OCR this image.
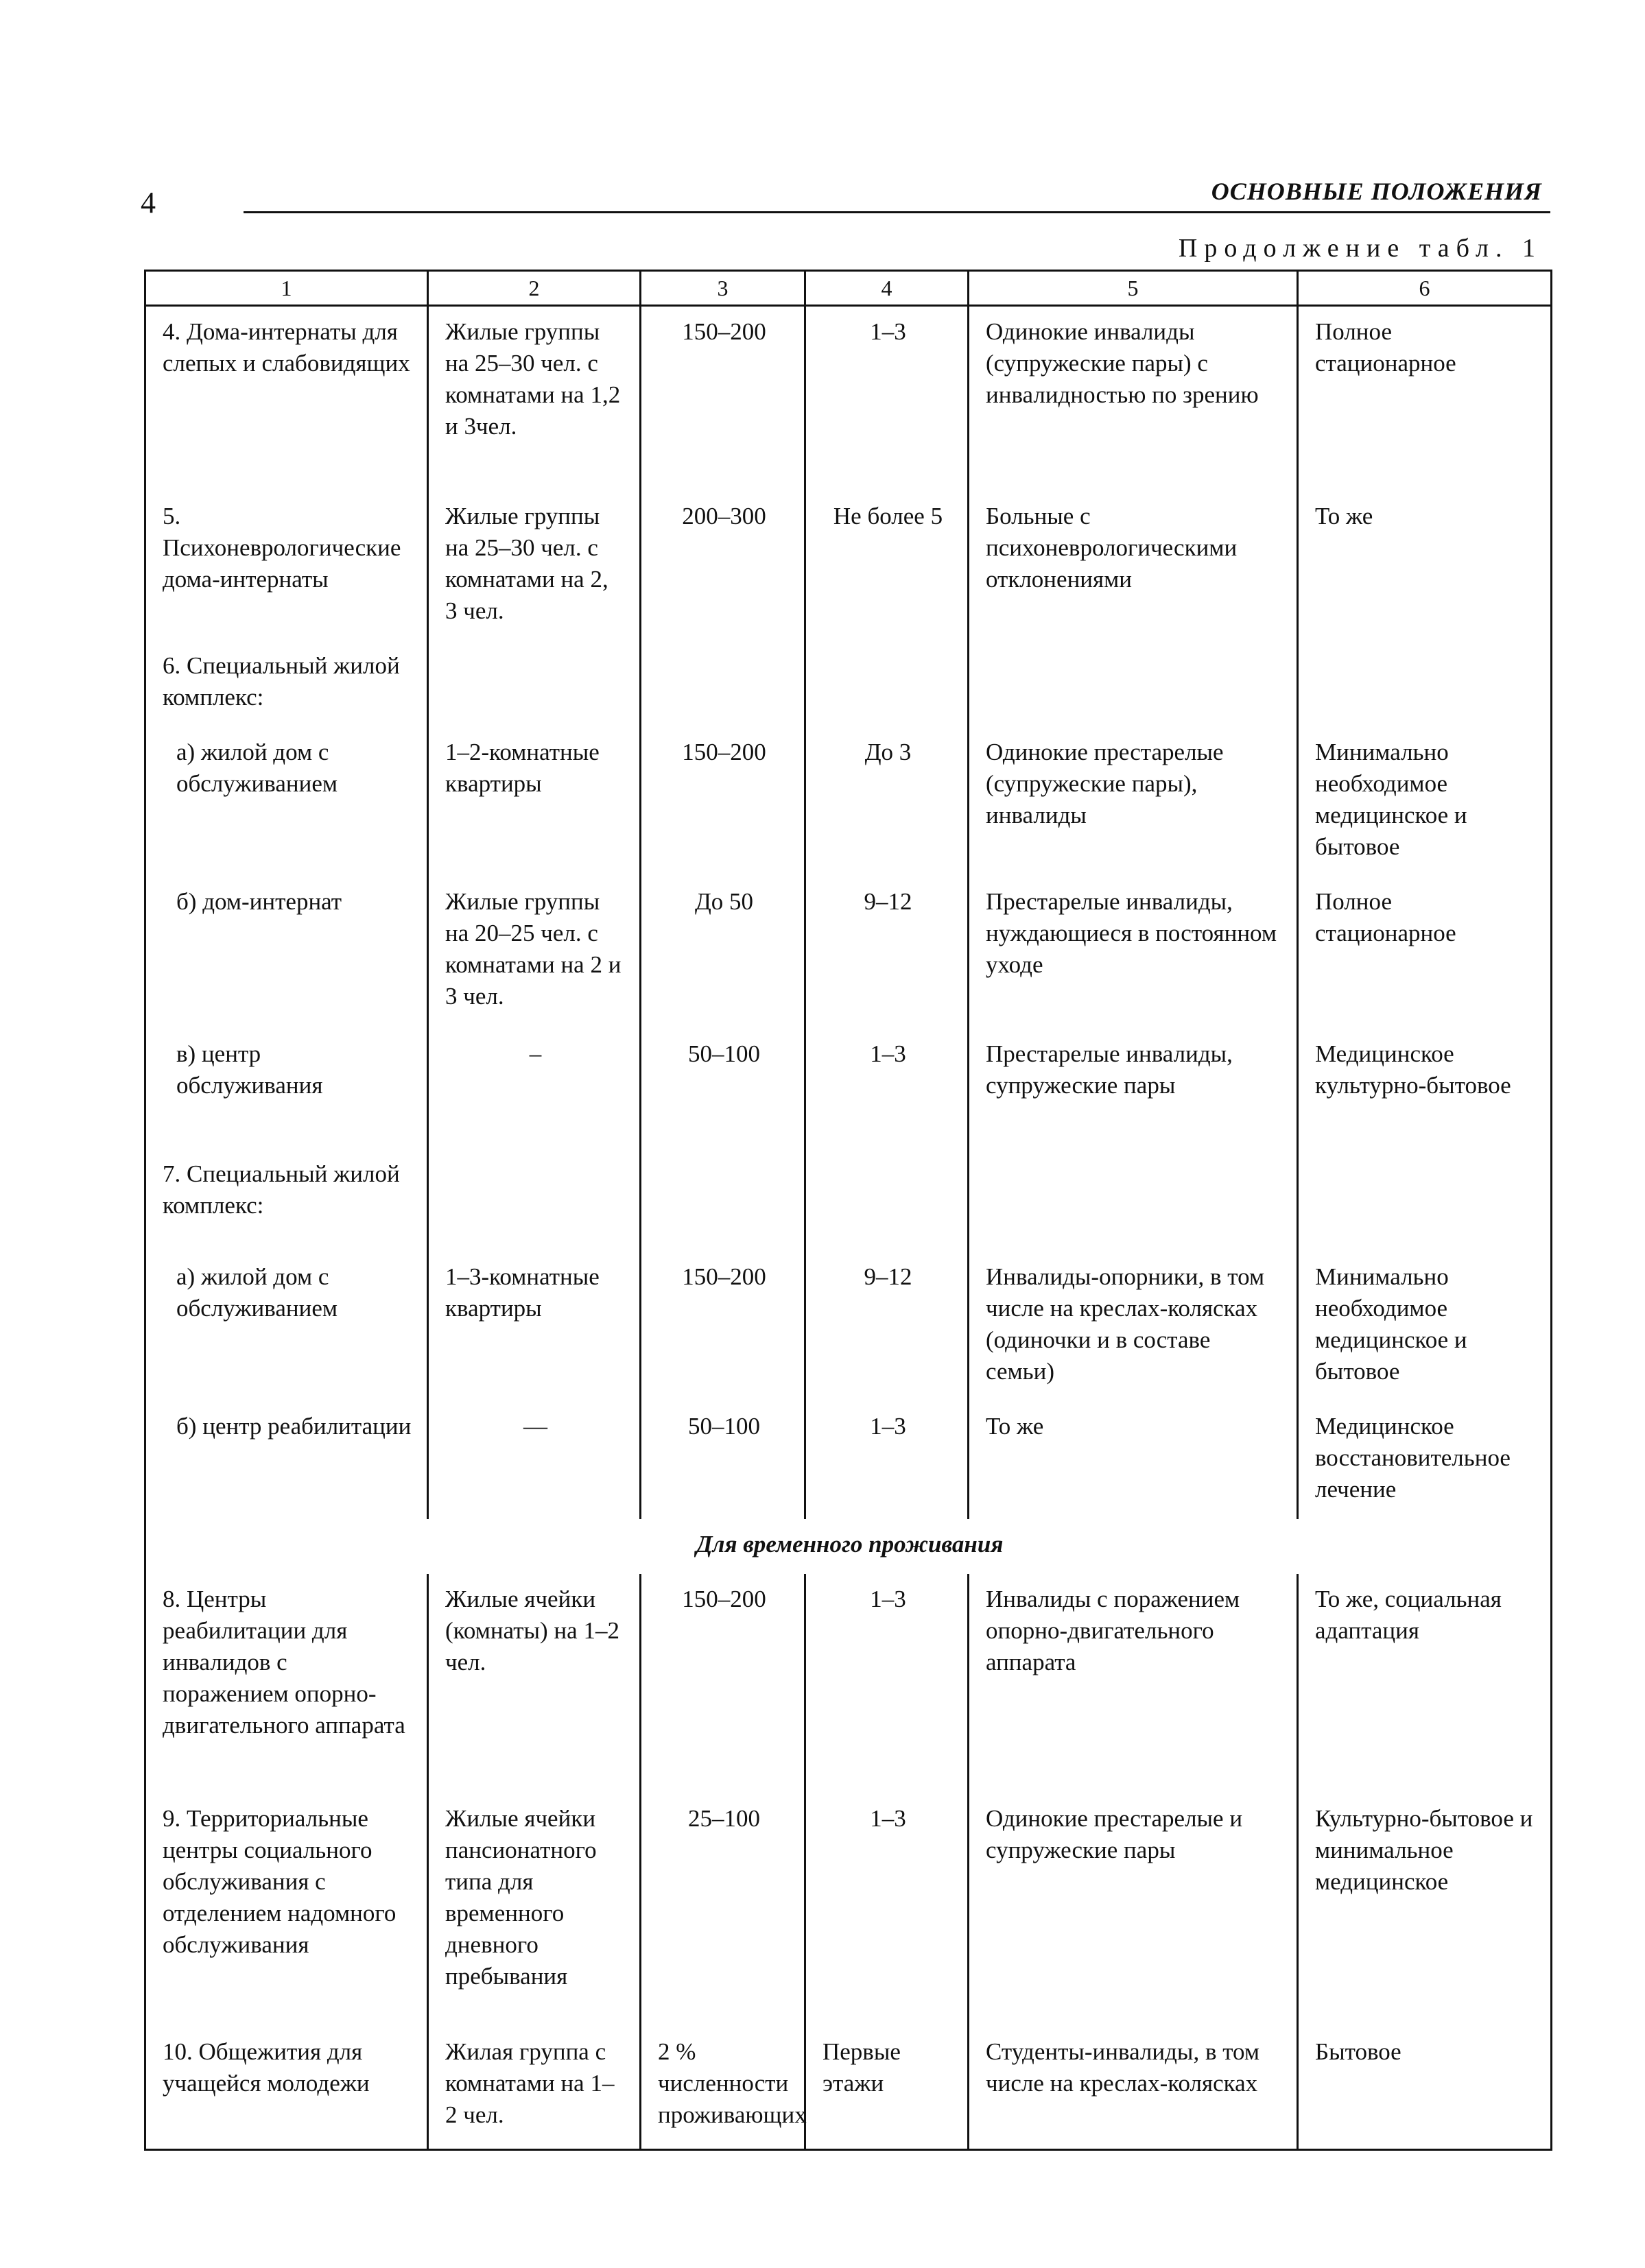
4	ОСНОВНЫЕ ПОЛОЖЕНИЯ
Продолжение табл. 1
1	2	3	4	5	6
4. Дома-интернаты для слепых и слабовидящих	Жилые группы на 25–30 чел. с комнатами на 1,2 и 3чел.	150–200	1–3	Одинокие инвалиды (супружеские пары) с инвалидностью по зрению	Полное стационарное
5. Психоневрологические дома-интернаты	Жилые группы на 25–30 чел. с комнатами на 2, 3 чел.	200–300	Не более 5	Больные с психоневрологическими отклонениями	То же
6. Специальный жилой комплекс:					
а) жилой дом с обслуживанием	1–2-комнатные квартиры	150–200	До 3	Одинокие престарелые (супружеские пары), инвалиды	Минимально необходимое медицинское и бытовое
б) дом-интернат	Жилые группы на 20–25 чел. с комнатами на 2 и 3 чел.	До 50	9–12	Престарелые инвалиды, нуждающиеся в постоянном уходе	Полное стационарное
в) центр обслуживания	–	50–100	1–3	Престарелые инвалиды, супружеские пары	Медицинское культурно-бытовое
7. Специальный жилой комплекс:					
а) жилой дом с обслуживанием	1–3-комнатные квартиры	150–200	9–12	Инвалиды-опорники, в том числе на креслах-колясках (одиночки и в составе семьи)	Минимально необходимое медицинское и бытовое
б) центр реабилитации	—	50–100	1–3	То же	Медицинское восстановительное лечение
Для временного проживания					
8. Центры реабилитации для инвалидов с поражением опорно-двигательного аппарата	Жилые ячейки (комнаты) на 1–2 чел.	150–200	1–3	Инвалиды с поражением опорно-двигательного аппарата	То же, социальная адаптация
9. Территориальные центры социального обслуживания с отделением надомного обслуживания	Жилые ячейки пансионатного типа для временного дневного пребывания	25–100	1–3	Одинокие престарелые и супружеские пары	Культурно-бытовое и минимальное медицинское
10. Общежития для учащейся молодежи	Жилая группа с комнатами на 1–2 чел.	2 % численности проживающих	Первые этажи	Студенты-инвалиды, в том числе на креслах-колясках	Бытовое
